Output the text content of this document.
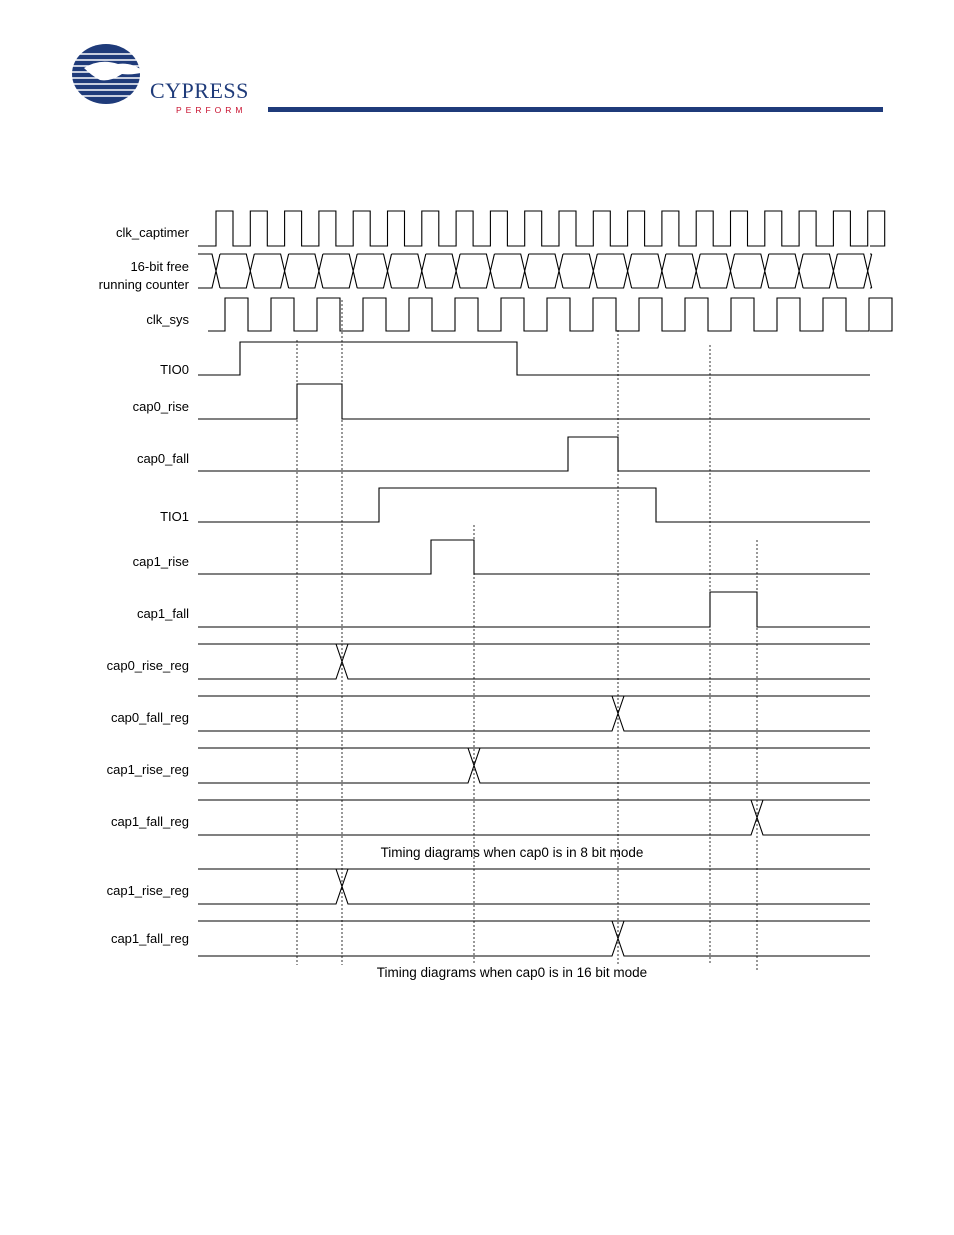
CYPRESS
PERFORM
clk_captimer
16-bit free
running counter
clk_sys
TIO0
cap0_rise
cap0_fall
TIO1
cap1_rise
cap1_fall
cap0_rise_reg
cap0_fall_reg
cap1_rise_reg
cap1_fall_reg
cap1_rise_reg
cap1_fall_reg
Timing diagrams when cap0 is in 8 bit mode
Timing diagrams when cap0 is in 16 bit mode
